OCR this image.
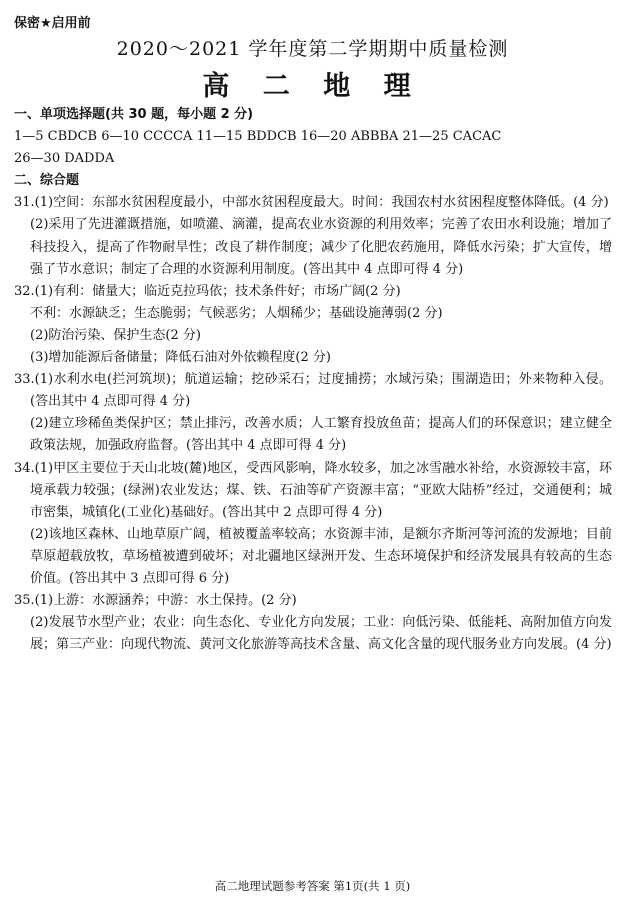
保密★启用前
2020～2021 学年度第二学期期中质量检测
高 二 地 理
一、单项选择题(共 30 题，每小题 2 分)
1—5 CBDCB 6—10 CCCCA 11—15 BDDCB 16—20 ABBBA 21—25 CACAC
26—30 DADDA
二、综合题
31.(1)空间：东部水贫困程度最小，中部水贫困程度最大。时间：我国农村水贫困程度整体降低。(4 分)
(2)采用了先进灌溉措施，如喷灌、滴灌，提高农业水资源的利用效率；完善了农田水利设施；增加了科技投入，提高了作物耐旱性；改良了耕作制度；减少了化肥农药施用，降低水污染；扩大宣传，增强了节水意识；制定了合理的水资源利用制度。(答出其中 4 点即可得 4 分)
32.(1)有利：储量大；临近克拉玛依；技术条件好；市场广阔(2 分)
不利：水源缺乏；生态脆弱；气候恶劣；人烟稀少；基础设施薄弱(2 分)
(2)防治污染、保护生态(2 分)
(3)增加能源后备储量；降低石油对外依赖程度(2 分)
33.(1)水利水电(拦河筑坝)；航道运输；挖砂采石；过度捕捞；水域污染；围湖造田；外来物种入侵。(答出其中 4 点即可得 4 分)
(2)建立珍稀鱼类保护区；禁止排污，改善水质；人工繁育投放鱼苗；提高人们的环保意识；建立健全政策法规，加强政府监督。(答出其中 4 点即可得 4 分)
34.(1)甲区主要位于天山北坡(麓)地区，受西风影响，降水较多，加之冰雪融水补给，水资源较丰富，环境承载力较强；(绿洲)农业发达；煤、铁、石油等矿产资源丰富；“亚欧大陆桥”经过，交通便利；城市密集，城镇化(工业化)基础好。(答出其中 2 点即可得 4 分)
(2)该地区森林、山地草原广阔，植被覆盖率较高；水资源丰沛，是额尔齐斯河等河流的发源地；目前草原超载放牧，草场植被遭到破坏；对北疆地区绿洲开发、生态环境保护和经济发展具有较高的生态价值。(答出其中 3 点即可得 6 分)
35.(1)上游：水源涵养；中游：水土保持。(2 分)
(2)发展节水型产业；农业：向生态化、专业化方向发展；工业：向低污染、低能耗、高附加值方向发展；第三产业：向现代物流、黄河文化旅游等高技术含量、高文化含量的现代服务业方向发展。(4 分)
高二地理试题参考答案 第1页(共 1 页)
